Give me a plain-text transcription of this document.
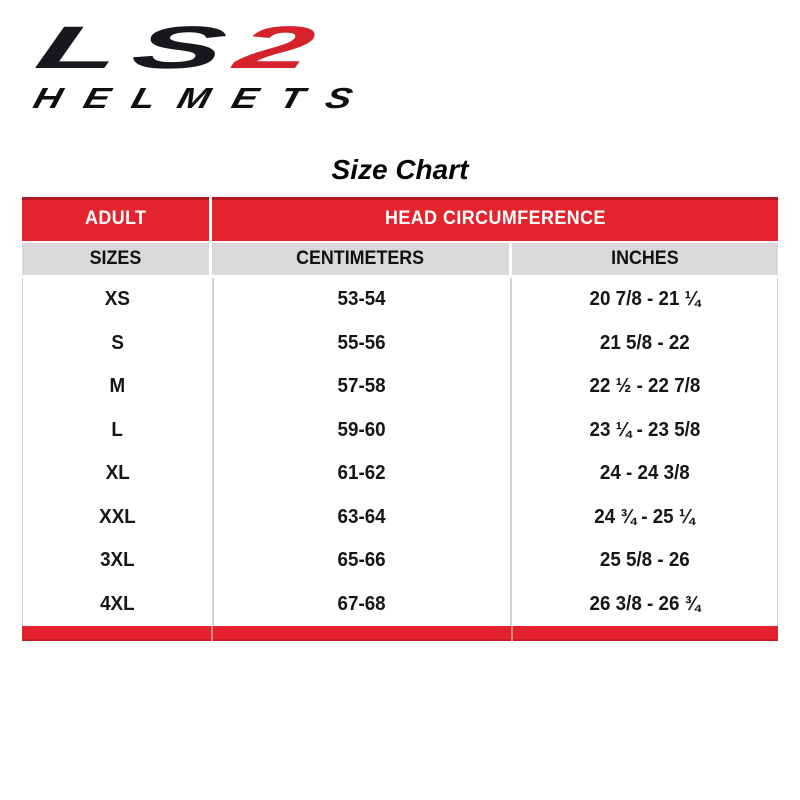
LS2
HELMETS
Size Chart
ADULT	HEAD CIRCUMFERENCE
SIZES	CENTIMETERS	INCHES
XS	53-54	20 7/8 - 21 ¼
S	55-56	21 5/8 - 22
M	57-58	22 ½ - 22 7/8
L	59-60	23 ¼ - 23 5/8
XL	61-62	24 - 24 3/8
XXL	63-64	24 ¾ - 25 ¼
3XL	65-66	25 5/8 - 26
4XL	67-68	26 3/8 - 26 ¾
